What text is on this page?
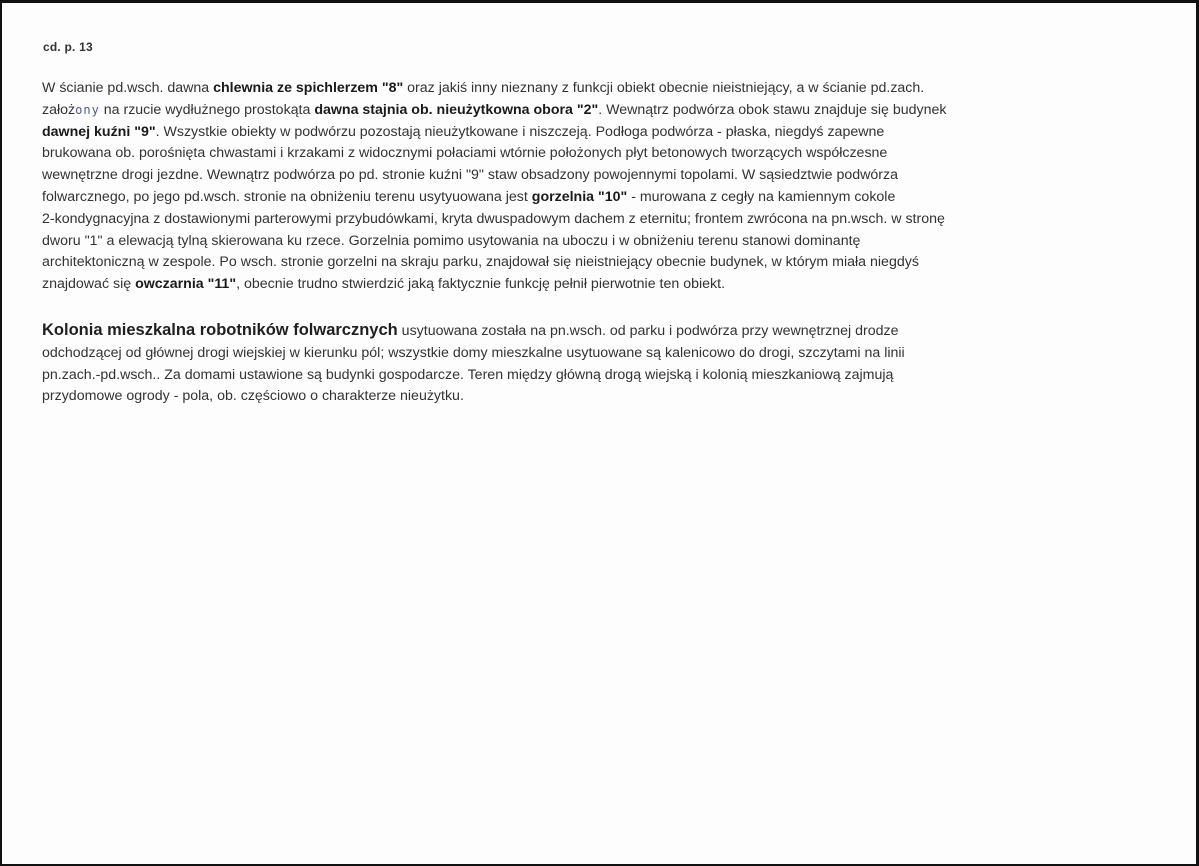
cd. p. 13
W ścianie pd.wsch. dawna chlewnia ze spichlerzem "8" oraz jakiś inny nieznany z funkcji obiekt obecnie nieistniejący, a w ścianie pd.zach.
założony na rzucie wydłużnego prostokąta dawna stajnia ob. nieużytkowna obora "2". Wewnątrz podwórza obok stawu znajduje się budynek
dawnej kuźni "9". Wszystkie obiekty w podwórzu pozostają nieużytkowane i niszczeją. Podłoga podwórza - płaska, niegdyś zapewne
brukowana ob. porośnięta chwastami i krzakami z widocznymi połaciami wtórnie położonych płyt betonowych tworzących współczesne
wewnętrzne drogi jezdne. Wewnątrz podwórza po pd. stronie kuźni "9" staw obsadzony powojennymi topolami. W sąsiedztwie podwórza
folwarcznego, po jego pd.wsch. stronie na obniżeniu terenu usytyuowana jest gorzelnia "10" - murowana z cegły na kamiennym cokole
2-kondygnacyjna z dostawionymi parterowymi przybudówkami, kryta dwuspadowym dachem z eternitu; frontem zwrócona na pn.wsch. w stronę
dworu "1" a elewacją tylną skierowana ku rzece. Gorzelnia pomimo usytowania na uboczu i w obniżeniu terenu stanowi dominantę
architektoniczną w zespole. Po wsch. stronie gorzelni na skraju parku, znajdował się nieistniejący obecnie budynek, w którym miała niegdyś
znajdować się owczarnia "11", obecnie trudno stwierdzić jaką faktycznie funkcję pełnił pierwotnie ten obiekt.
Kolonia mieszkalna robotników folwarcznych usytuowana została na pn.wsch. od parku i podwórza przy wewnętrznej drodze
odchodzącej od głównej drogi wiejskiej w kierunku pól; wszystkie domy mieszkalne usytuowane są kalenicowo do drogi, szczytami na linii
pn.zach.-pd.wsch.. Za domami ustawione są budynki gospodarcze. Teren między główną drogą wiejską i kolonią mieszkaniową zajmują
przydomowe ogrody - pola, ob. częściowo o charakterze nieużytku.
